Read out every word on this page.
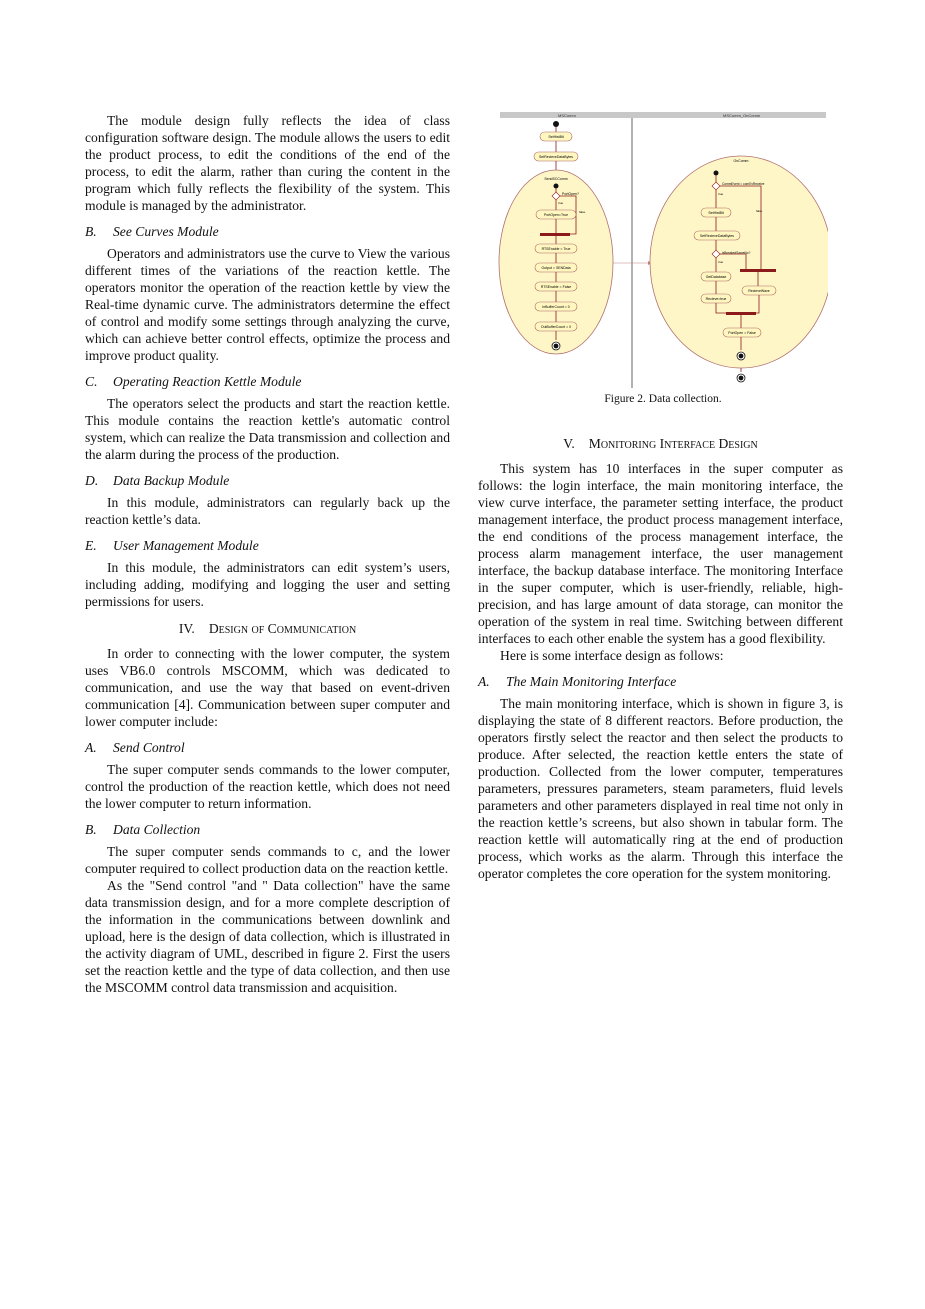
The module design fully reflects the idea of class configuration software design. The module allows the users to edit the product process, to edit the conditions of the end of the process, to edit the alarm, rather than curing the content in the program which fully reflects the flexibility of the system. This module is managed by the administrator.

B. See Curves Module

Operators and administrators use the curve to View the various different times of the variations of the reaction kettle. The operators monitor the operation of the reaction kettle by view the Real-time dynamic curve. The administrators determine the effect of control and modify some settings through analyzing the curve, which can achieve better control effects, optimize the process and improve product quality.

C. Operating Reaction Kettle Module

The operators select the products and start the reaction kettle. This module contains the reaction kettle's automatic control system, which can realize the Data transmission and collection and the alarm during the process of the production.

D. Data Backup Module

In this module, administrators can regularly back up the reaction kettle’s data.

E. User Management Module

In this module, the administrators can edit system’s users, including adding, modifying and logging the user and setting permissions for users.

IV. Design of Communication

In order to connecting with the lower computer, the system uses VB6.0 controls MSCOMM, which was dedicated to communication, and use the way that based on event-driven communication [4]. Communication between super computer and lower computer include:

A. Send Control

The super computer sends commands to the lower computer, control the production of the reaction kettle, which does not need the lower computer to return information.

B. Data Collection

The super computer sends commands to c, and the lower computer required to collect production data on the reaction kettle.

As the "Send control "and " Data collection" have the same data transmission design, and for a more complete description of the information in the communications between downlink and upload, here is the design of data collection, which is illustrated in the activity diagram of UML, described in figure 2. First the users set the reaction kettle and the type of data collection, and then use the MSCOMM control data transmission and acquisition.

MSComm	MSComm_OnComm
SetHistBit
SetRecieveDataBytes
SendSCComm
PortOpen?
true
false
PortOpen=True
RTSEnable = True
Output = SENData
RTSEnable = False
InBufferCount = 0
OutBufferCount = 0
OnComm
CommEvent = comEvReceive
true
false
SetHistBit
SetRecieveDataBytes
isBreakedSameNo?
true
GetDatabase
Recieve=true
RecieveWave
PortOpen = False
Figure 2. Data collection.
V. Monitoring Interface Design

This system has 10 interfaces in the super computer as follows: the login interface, the main monitoring interface, the view curve interface, the parameter setting interface, the product management interface, the product process management interface, the end conditions of the process management interface, the process alarm management interface, the user management interface, the backup database interface. The monitoring Interface in the super computer, which is user-friendly, reliable, high-precision, and has large amount of data storage, can monitor the operation of the system in real time. Switching between different interfaces to each other enable the system has a good flexibility.

Here is some interface design as follows:

A. The Main Monitoring Interface

The main monitoring interface, which is shown in figure 3, is displaying the state of 8 different reactors. Before production, the operators firstly select the reactor and then select the products to produce. After selected, the reaction kettle enters the state of production. Collected from the lower computer, temperatures parameters, pressures parameters, steam parameters, fluid levels parameters and other parameters displayed in real time not only in the reaction kettle’s screens, but also shown in tabular form. The reaction kettle will automatically ring at the end of production process, which works as the alarm. Through this interface the operator completes the core operation for the system monitoring.
